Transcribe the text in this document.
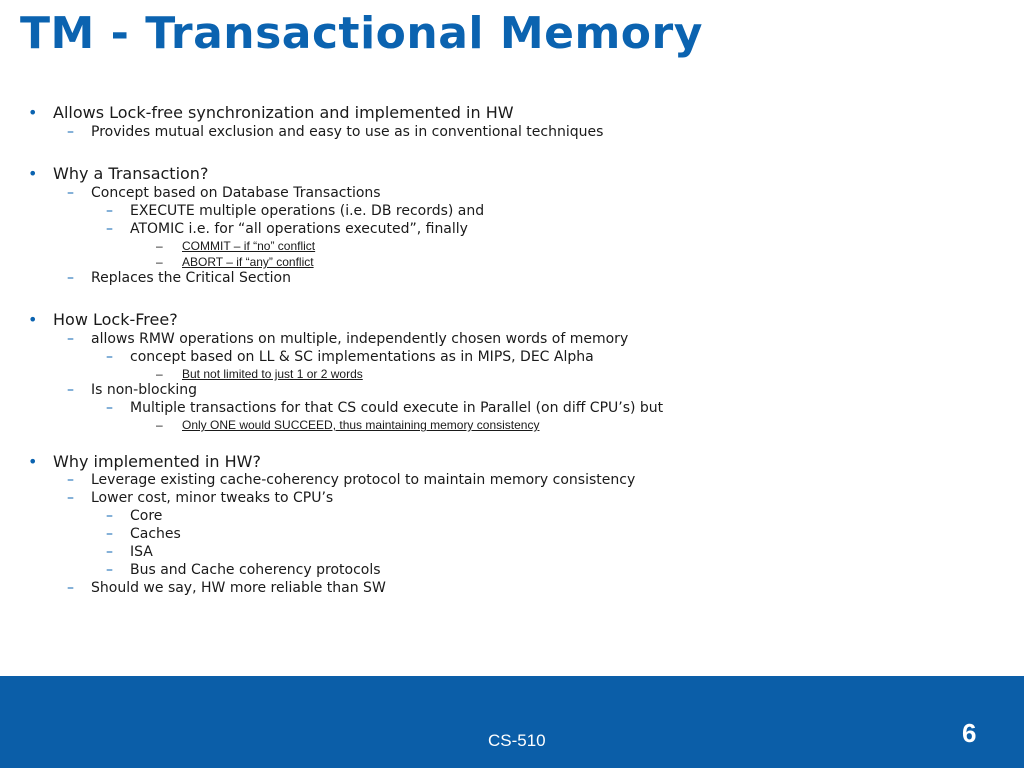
TM - Transactional Memory
• Allows Lock-free synchronization and implemented in HW
– Provides mutual exclusion and easy to use as in conventional techniques
• Why a Transaction?
– Concept based on Database Transactions
– EXECUTE multiple operations (i.e. DB records) and
– ATOMIC i.e. for “all operations executed”, finally
– COMMIT – if “no” conflict
– ABORT – if “any” conflict
– Replaces the Critical Section
• How Lock-Free?
– allows RMW operations on multiple, independently chosen words of memory
– concept based on LL & SC implementations as in MIPS, DEC Alpha
– But not limited to just 1 or 2 words
– Is non-blocking
– Multiple transactions for that CS could execute in Parallel (on diff CPU’s) but
– Only ONE would SUCCEED, thus maintaining memory consistency
• Why implemented in HW?
– Leverage existing cache-coherency protocol to maintain memory consistency
– Lower cost, minor tweaks to CPU’s
– Core
– Caches
– ISA
– Bus and Cache coherency protocols
– Should we say, HW more reliable than SW
CS-510	6
